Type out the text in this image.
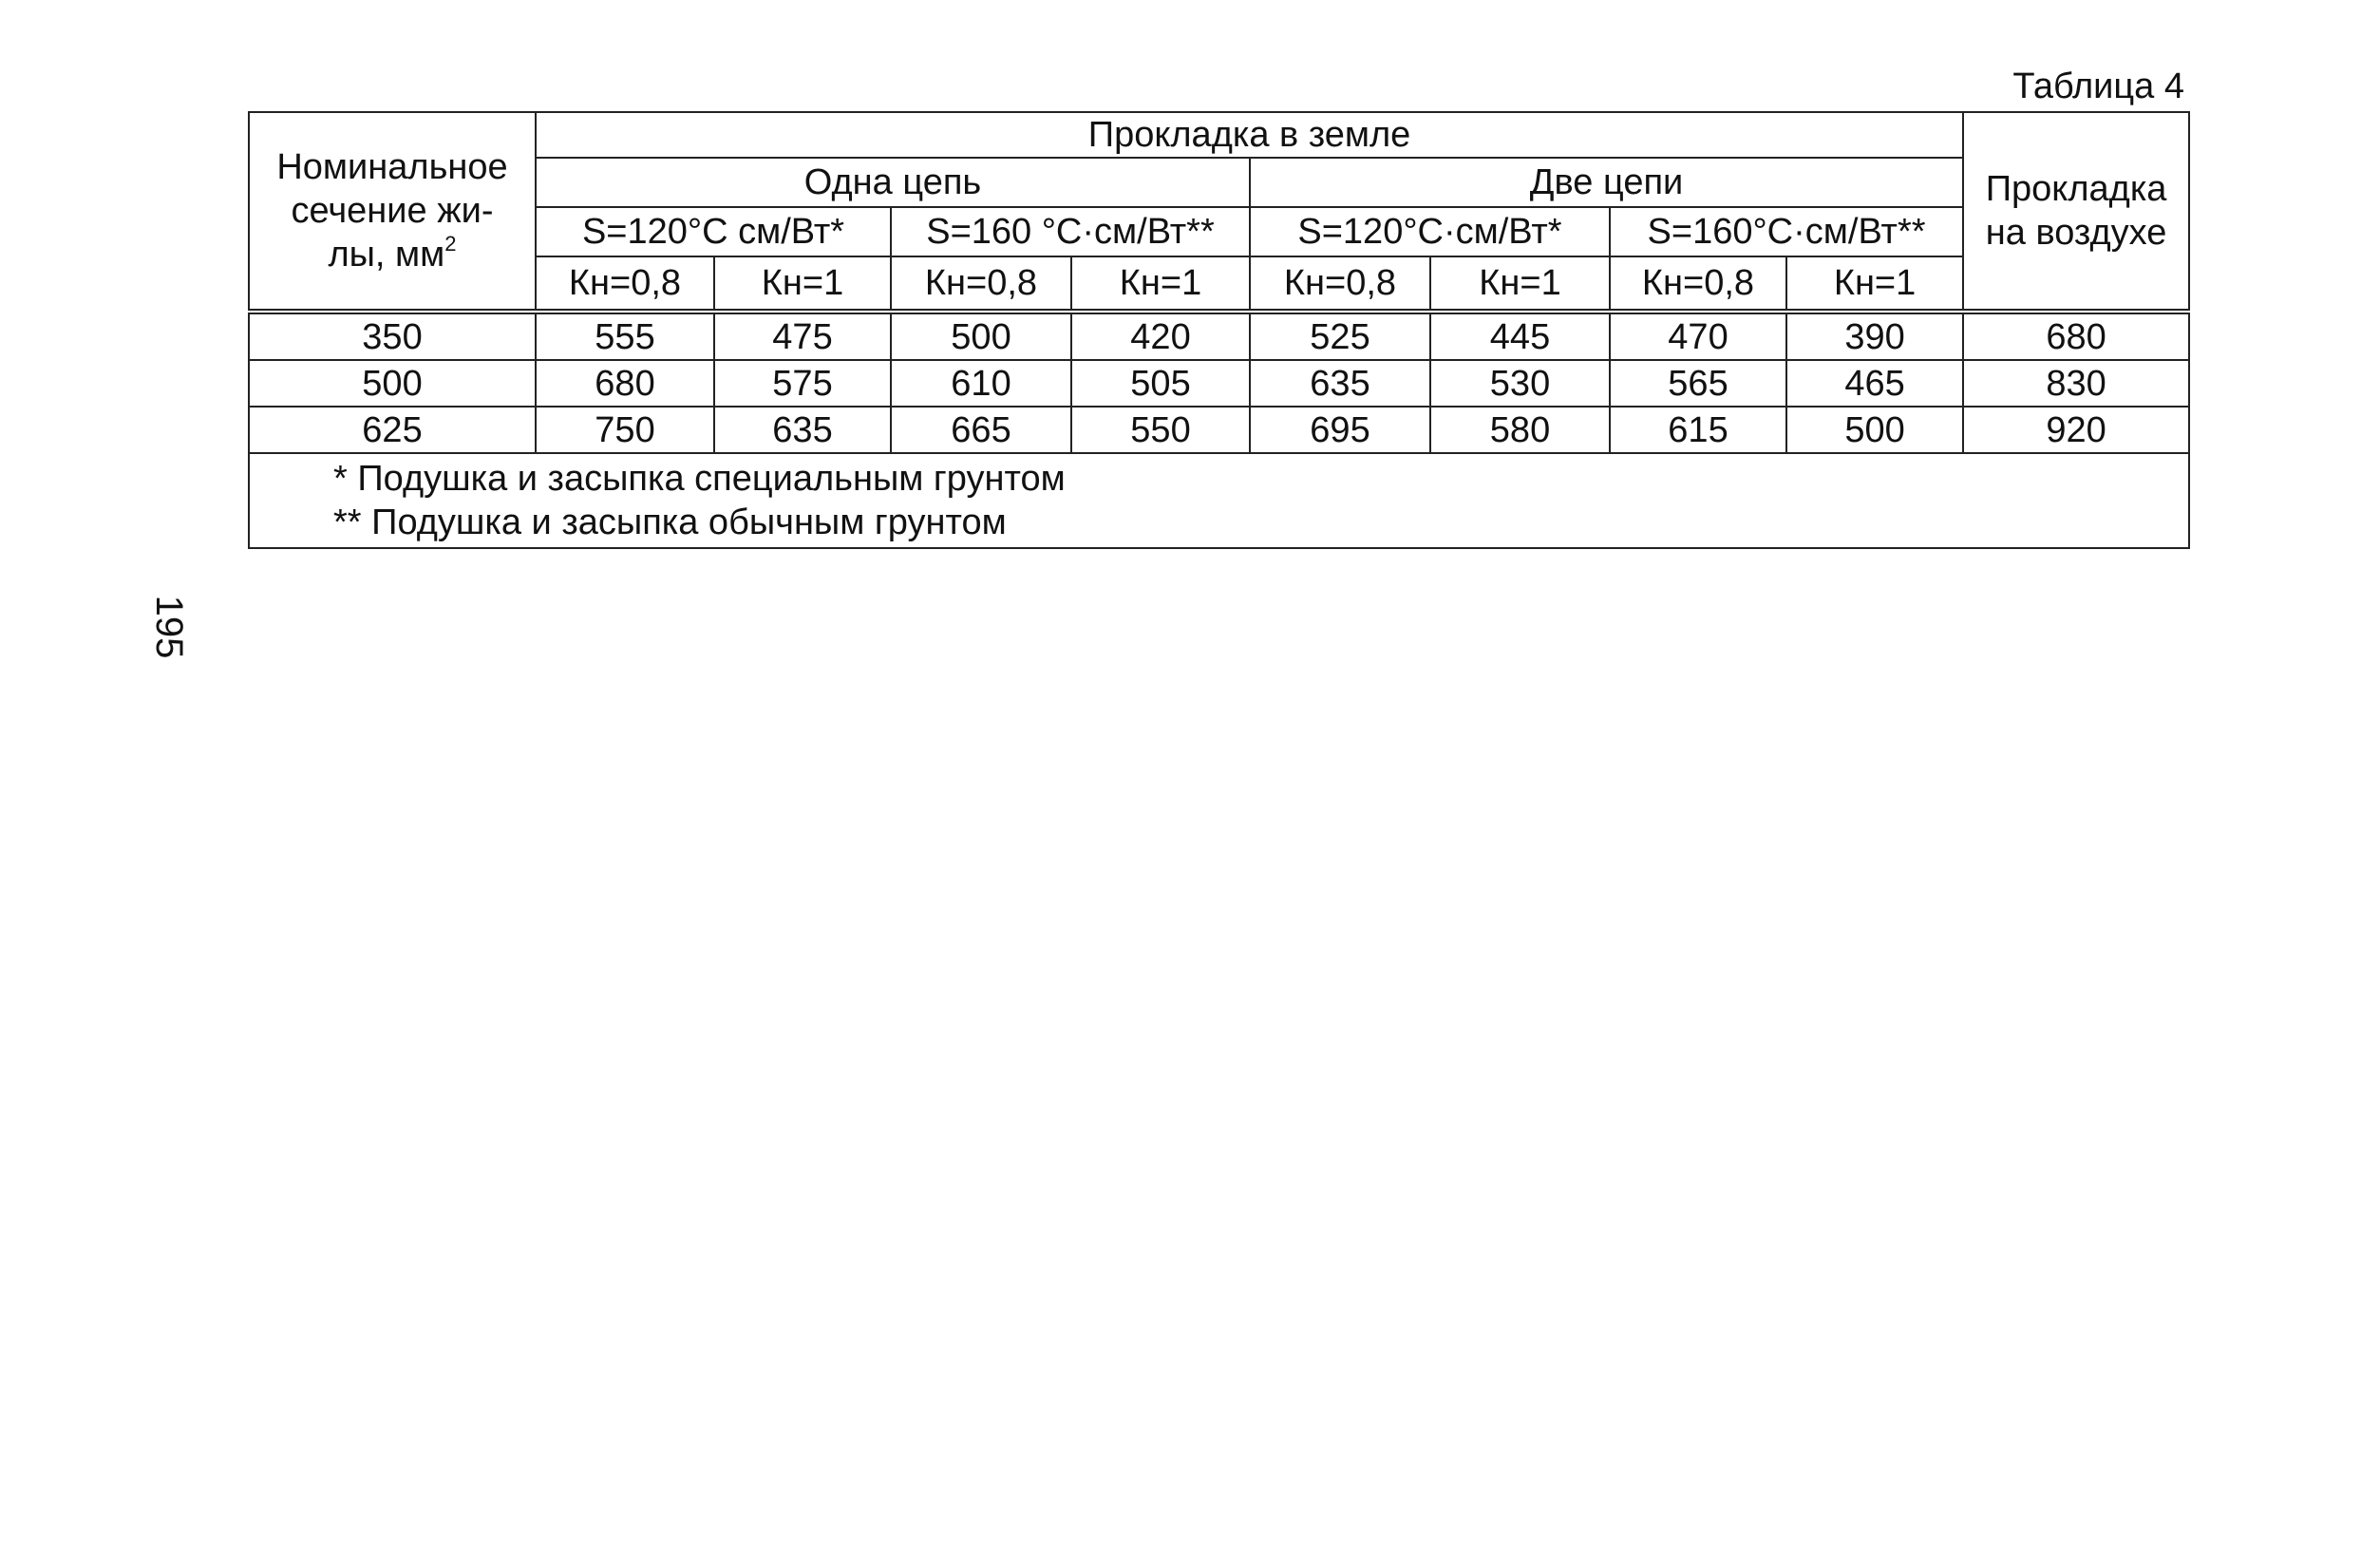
Таблица 4
195
Номинальное
сечение жи-
лы, $мм^2$	Прокладка в земле								Прокладка
на воздухе
	Одна цепь				Две цепи				
	S=120°C см/Вт*		S=160 °C·см/Вт**		S=120°C·см/Вт*		S=160°C·см/Вт**		
	Кн=0,8	Кн=1	Кн=0,8	Кн=1	Кн=0,8	Кн=1	Кн=0,8	Кн=1	
350	555	475	500	420	525	445	470	390	680
500	680	575	610	505	635	530	565	465	830
625	750	635	665	550	695	580	615	500	920

* Подушка и засыпка специальным грунтом
** Подушка и засыпка обычным грунтом									
